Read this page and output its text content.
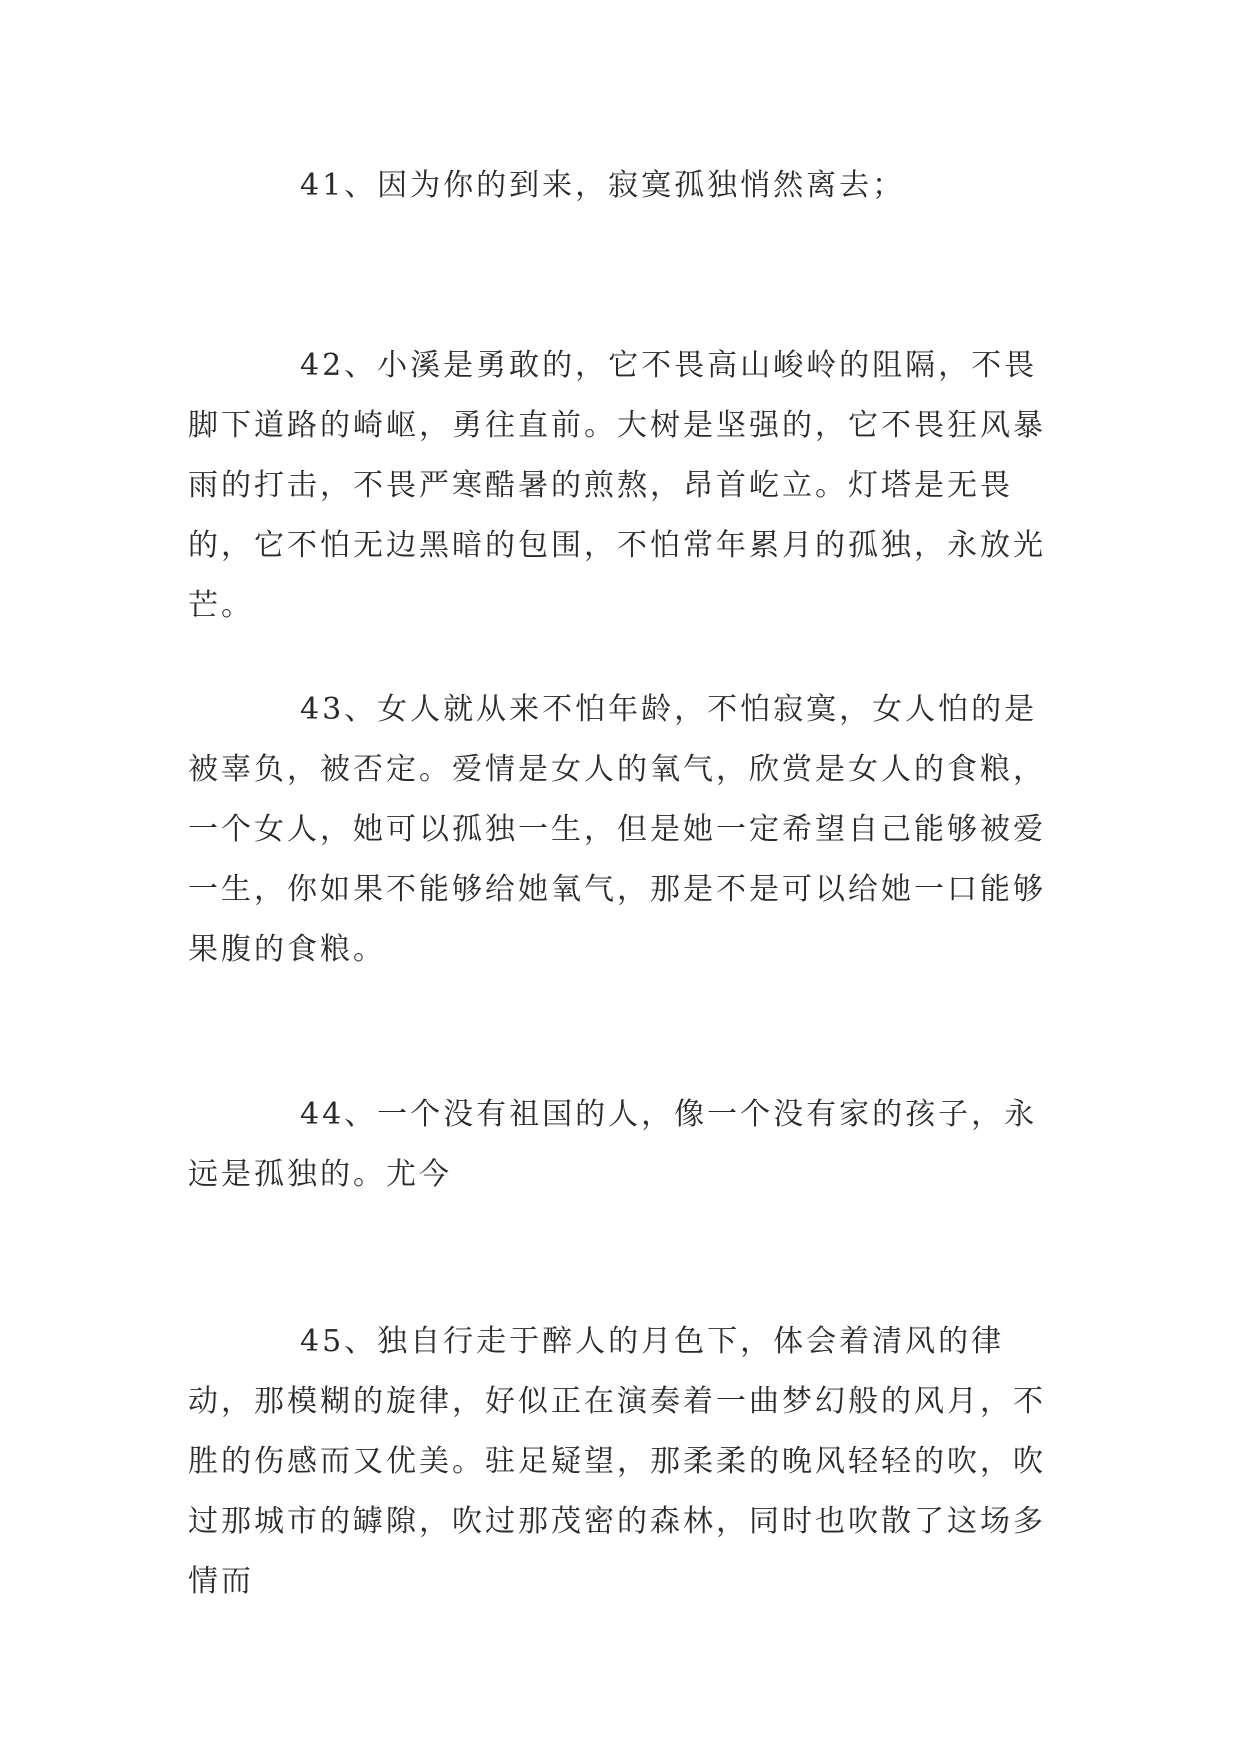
41、因为你的到来，寂寞孤独悄然离去；

42、小溪是勇敢的，它不畏高山峻岭的阻隔，不畏脚下道路的崎岖，勇往直前。大树是坚强的，它不畏狂风暴雨的打击，不畏严寒酷暑的煎熬，昂首屹立。灯塔是无畏的，它不怕无边黑暗的包围，不怕常年累月的孤独，永放光芒。

43、女人就从来不怕年龄，不怕寂寞，女人怕的是被辜负，被否定。爱情是女人的氧气，欣赏是女人的食粮，一个女人，她可以孤独一生，但是她一定希望自己能够被爱一生，你如果不能够给她氧气，那是不是可以给她一口能够果腹的食粮。

44、一个没有祖国的人，像一个没有家的孩子，永远是孤独的。尤今

45、独自行走于醉人的月色下，体会着清风的律动，那模糊的旋律，好似正在演奏着一曲梦幻般的风月，不胜的伤感而又优美。驻足疑望，那柔柔的晚风轻轻的吹，吹过那城市的罅隙，吹过那茂密的森林，同时也吹散了这场多情而
